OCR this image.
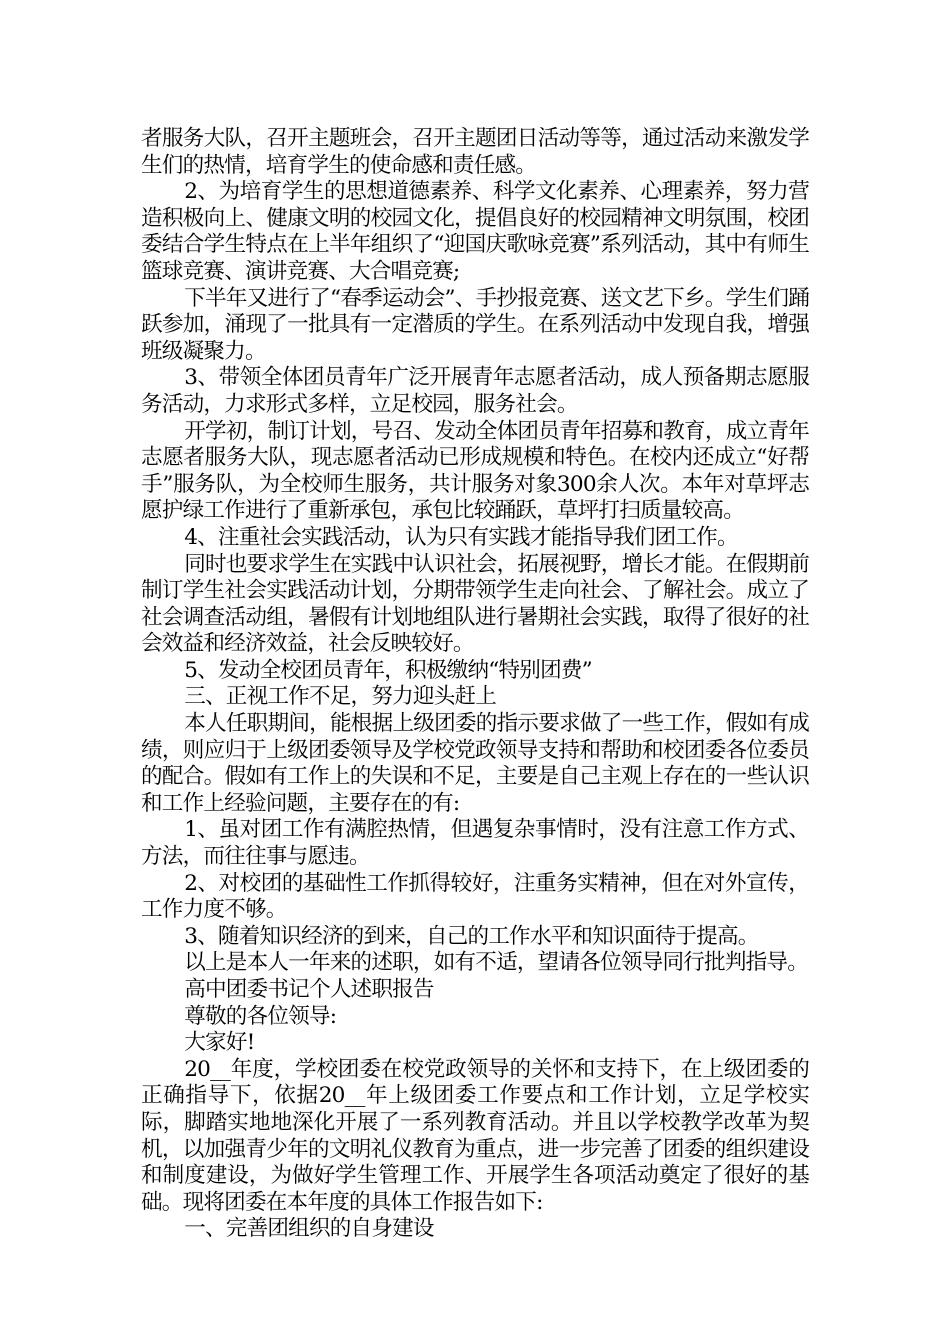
者服务大队，召开主题班会，召开主题团日活动等等，通过活动来激发学生们的热情，培育学生的使命感和责任感。

2、为培育学生的思想道德素养、科学文化素养、心理素养，努力营造积极向上、健康文明的校园文化，提倡良好的校园精神文明氛围，校团委结合学生特点在上半年组织了“迎国庆歌咏竞赛”系列活动，其中有师生篮球竞赛、演讲竞赛、大合唱竞赛;

下半年又进行了“春季运动会”、手抄报竞赛、送文艺下乡。学生们踊跃参加，涌现了一批具有一定潜质的学生。在系列活动中发现自我，增强班级凝聚力。

3、带领全体团员青年广泛开展青年志愿者活动，成人预备期志愿服务活动，力求形式多样，立足校园，服务社会。

开学初，制订计划，号召、发动全体团员青年招募和教育，成立青年志愿者服务大队，现志愿者活动已形成规模和特色。在校内还成立“好帮手”服务队，为全校师生服务，共计服务对象300余人次。本年对草坪志愿护绿工作进行了重新承包，承包比较踊跃，草坪打扫质量较高。

4、注重社会实践活动，认为只有实践才能指导我们团工作。

同时也要求学生在实践中认识社会，拓展视野，增长才能。在假期前制订学生社会实践活动计划，分期带领学生走向社会、了解社会。成立了社会调查活动组，暑假有计划地组队进行暑期社会实践，取得了很好的社会效益和经济效益，社会反映较好。

5、发动全校团员青年，积极缴纳“特别团费”

三、正视工作不足，努力迎头赶上

本人任职期间，能根据上级团委的指示要求做了一些工作，假如有成绩，则应归于上级团委领导及学校党政领导支持和帮助和校团委各位委员的配合。假如有工作上的失误和不足，主要是自己主观上存在的一些认识和工作上经验问题，主要存在的有:

1、虽对团工作有满腔热情，但遇复杂事情时，没有注意工作方式、方法，而往往事与愿违。

2、对校团的基础性工作抓得较好，注重务实精神，但在对外宣传，工作力度不够。

3、随着知识经济的到来，自己的工作水平和知识面待于提高。

以上是本人一年来的述职，如有不适，望请各位领导同行批判指导。

高中团委书记个人述职报告

尊敬的各位领导:

大家好!

20__年度，学校团委在校党政领导的关怀和支持下，在上级团委的正确指导下，依据20__年上级团委工作要点和工作计划，立足学校实际，脚踏实地地深化开展了一系列教育活动。并且以学校教学改革为契机，以加强青少年的文明礼仪教育为重点，进一步完善了团委的组织建设和制度建设，为做好学生管理工作、开展学生各项活动奠定了很好的基础。现将团委在本年度的具体工作报告如下:

一、完善团组织的自身建设
